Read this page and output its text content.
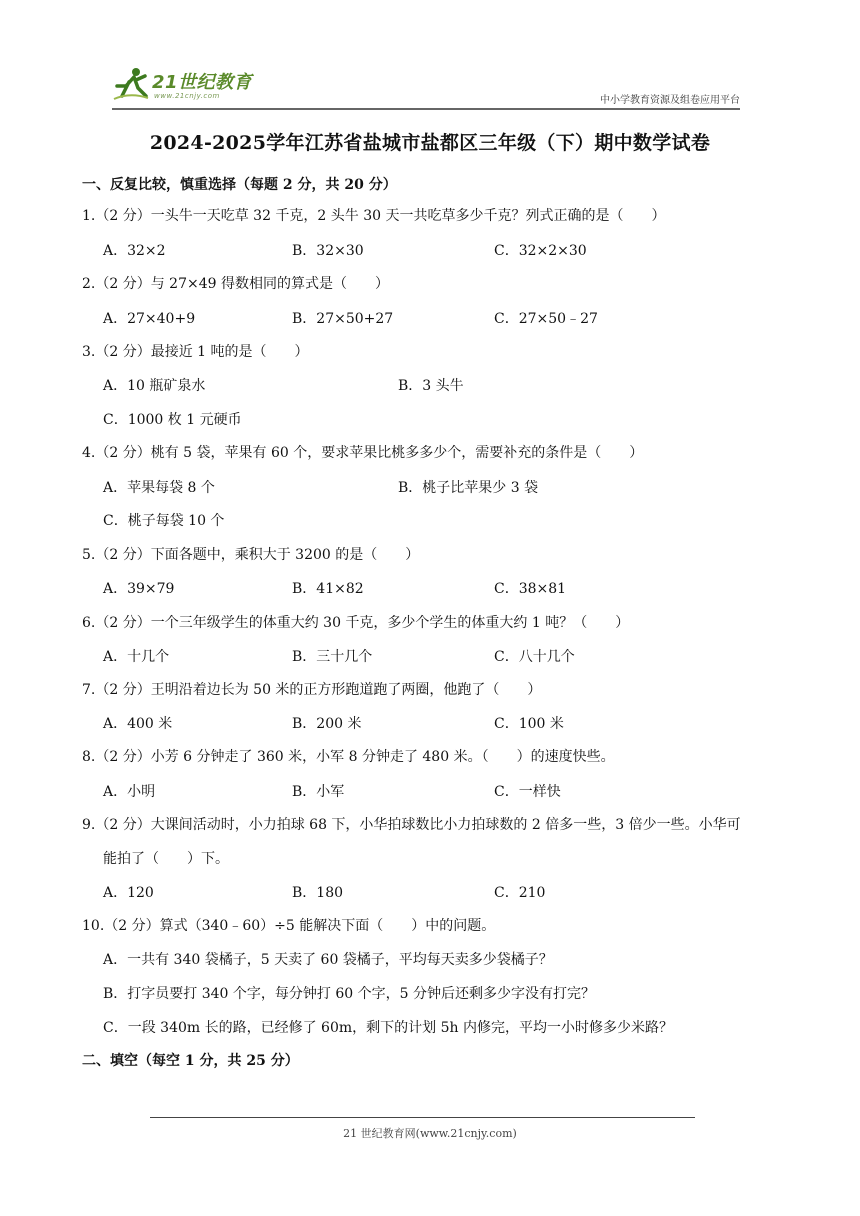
21世纪教育
www.21cnjy.com	中小学教育资源及组卷应用平台
2024-2025学年江苏省盐城市盐都区三年级（下）期中数学试卷
一、反复比较，慎重选择（每题 2 分，共 20 分）
1.（2 分）一头牛一天吃草 32 千克，2 头牛 30 天一共吃草多少千克？列式正确的是（　　）
A．32×2	B．32×30	C．32×2×30
2.（2 分）与 27×49 得数相同的算式是（　　）
A．27×40+9	B．27×50+27	C．27×50﹣27
3.（2 分）最接近 1 吨的是（　　）
A．10 瓶矿泉水	B．3 头牛
C．1000 枚 1 元硬币
4.（2 分）桃有 5 袋，苹果有 60 个，要求苹果比桃多多少个，需要补充的条件是（　　）
A．苹果每袋 8 个	B．桃子比苹果少 3 袋
C．桃子每袋 10 个
5.（2 分）下面各题中，乘积大于 3200 的是（　　）
A．39×79	B．41×82	C．38×81
6.（2 分）一个三年级学生的体重大约 30 千克，多少个学生的体重大约 1 吨？（　　）
A．十几个	B．三十几个	C．八十几个
7.（2 分）王明沿着边长为 50 米的正方形跑道跑了两圈，他跑了（　　）
A．400 米	B．200 米	C．100 米
8.（2 分）小芳 6 分钟走了 360 米，小军 8 分钟走了 480 米。（　　）的速度快些。
A．小明	B．小军	C．一样快
9.（2 分）大课间活动时，小力拍球 68 下，小华拍球数比小力拍球数的 2 倍多一些，3 倍少一些。小华可
能拍了（　　）下。
A．120	B．180	C．210
10.（2 分）算式（340﹣60）÷5 能解决下面（　　）中的问题。
A．一共有 340 袋橘子，5 天卖了 60 袋橘子，平均每天卖多少袋橘子？
B．打字员要打 340 个字，每分钟打 60 个字，5 分钟后还剩多少字没有打完？
C．一段 340m 长的路，已经修了 60m，剩下的计划 5h 内修完，平均一小时修多少米路？
二、填空（每空 1 分，共 25 分）
21 世纪教育网(www.21cnjy.com)
